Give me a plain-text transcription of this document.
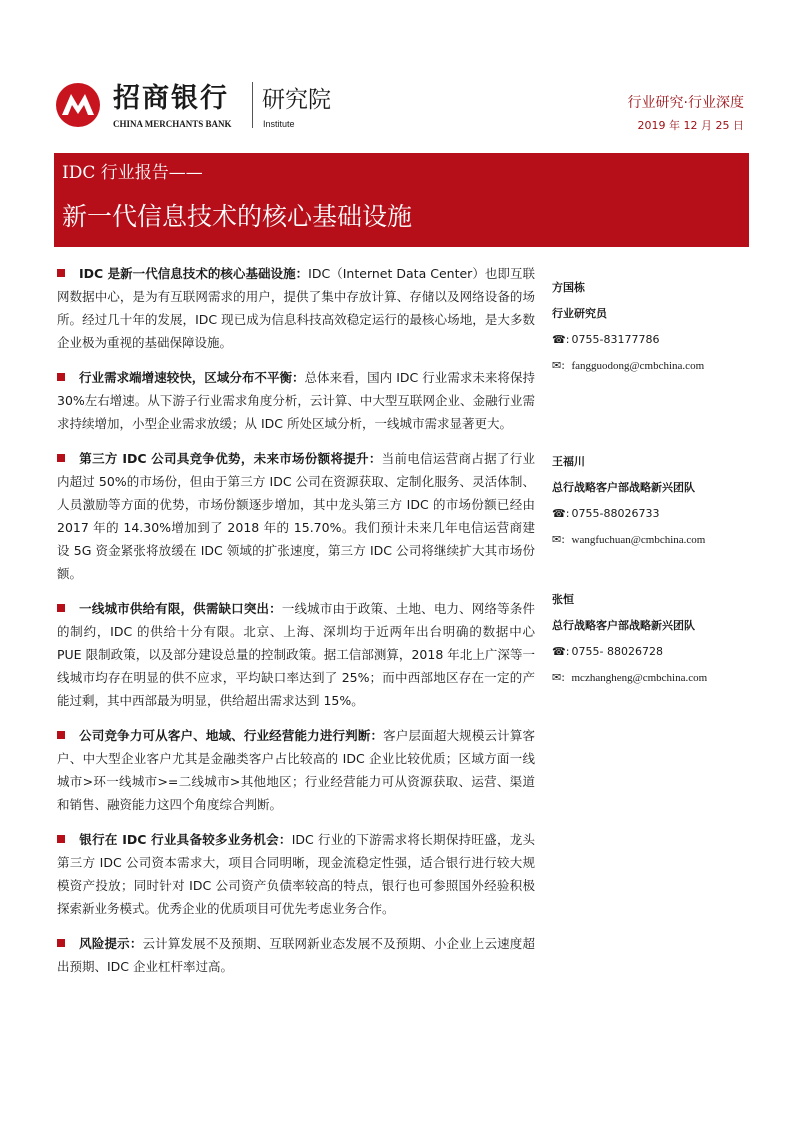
招商银行
CHINA MERCHANTS BANK
研究院
Institute
行业研究·行业深度
2019 年 12 月 25 日
IDC 行业报告——
新一代信息技术的核心基础设施

IDC 是新一代信息技术的核心基础设施：IDC（Internet Data Center）也即互联网数据中心，是为有互联网需求的用户，提供了集中存放计算、存储以及网络设备的场所。经过几十年的发展，IDC 现已成为信息科技高效稳定运行的最核心场地，是大多数企业极为重视的基础保障设施。

行业需求端增速较快，区域分布不平衡：总体来看，国内 IDC 行业需求未来将保持 30%左右增速。从下游子行业需求角度分析，云计算、中大型互联网企业、金融行业需求持续增加，小型企业需求放缓；从 IDC 所处区域分析，一线城市需求显著更大。

第三方 IDC 公司具竞争优势，未来市场份额将提升：当前电信运营商占据了行业内超过 50%的市场份，但由于第三方 IDC 公司在资源获取、定制化服务、灵活体制、人员激励等方面的优势，市场份额逐步增加，其中龙头第三方 IDC 的市场份额已经由 2017 年的 14.30%增加到了 2018 年的 15.70%。我们预计未来几年电信运营商建设 5G 资金紧张将放缓在 IDC 领域的扩张速度，第三方 IDC 公司将继续扩大其市场份额。

一线城市供给有限，供需缺口突出：一线城市由于政策、土地、电力、网络等条件的制约，IDC 的供给十分有限。北京、上海、深圳均于近两年出台明确的数据中心 PUE 限制政策，以及部分建设总量的控制政策。据工信部测算，2018 年北上广深等一线城市均存在明显的供不应求，平均缺口率达到了 25%；而中西部地区存在一定的产能过剩，其中西部最为明显，供给超出需求达到 15%。

公司竞争力可从客户、地域、行业经营能力进行判断：客户层面超大规模云计算客户、中大型企业客户尤其是金融类客户占比较高的 IDC 企业比较优质；区域方面一线城市>环一线城市>=二线城市>其他地区；行业经营能力可从资源获取、运营、渠道和销售、融资能力这四个角度综合判断。

银行在 IDC 行业具备较多业务机会：IDC 行业的下游需求将长期保持旺盛，龙头第三方 IDC 公司资本需求大，项目合同明晰，现金流稳定性强，适合银行进行较大规模资产投放；同时针对 IDC 公司资产负债率较高的特点，银行也可参照国外经验积极探索新业务模式。优秀企业的优质项目可优先考虑业务合作。

风险提示：云计算发展不及预期、互联网新业态发展不及预期、小企业上云速度超出预期、IDC 企业杠杆率过高。

方国栋
行业研究员
☎: 0755-83177786
✉: fangguodong@cmbchina.com
王福川
总行战略客户部战略新兴团队
☎: 0755-88026733
✉: wangfuchuan@cmbchina.com
张恒
总行战略客户部战略新兴团队
☎: 0755- 88026728
✉: mczhangheng@cmbchina.com
